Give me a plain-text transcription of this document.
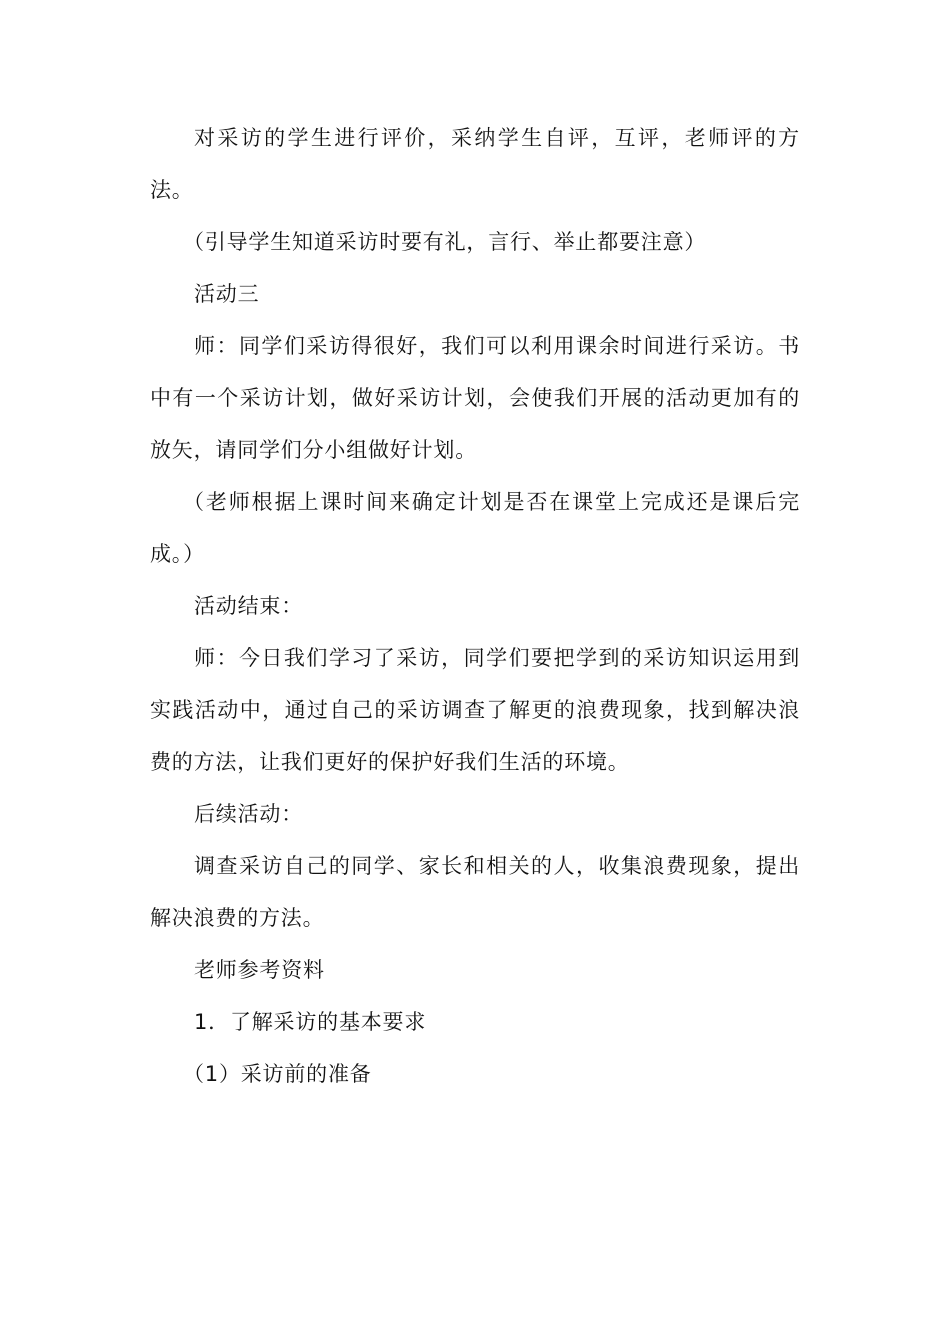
对采访的学生进行评价，采纳学生自评，互评，老师评的方法。

（引导学生知道采访时要有礼，言行、举止都要注意）

活动三

师：同学们采访得很好，我们可以利用课余时间进行采访。书中有一个采访计划，做好采访计划，会使我们开展的活动更加有的放矢，请同学们分小组做好计划。

（老师根据上课时间来确定计划是否在课堂上完成还是课后完成。）

活动结束：

师：今日我们学习了采访，同学们要把学到的采访知识运用到实践活动中，通过自己的采访调查了解更的浪费现象，找到解决浪费的方法，让我们更好的保护好我们生活的环境。

后续活动：

调查采访自己的同学、家长和相关的人，收集浪费现象，提出解决浪费的方法。

老师参考资料

1．了解采访的基本要求

（1）采访前的准备
